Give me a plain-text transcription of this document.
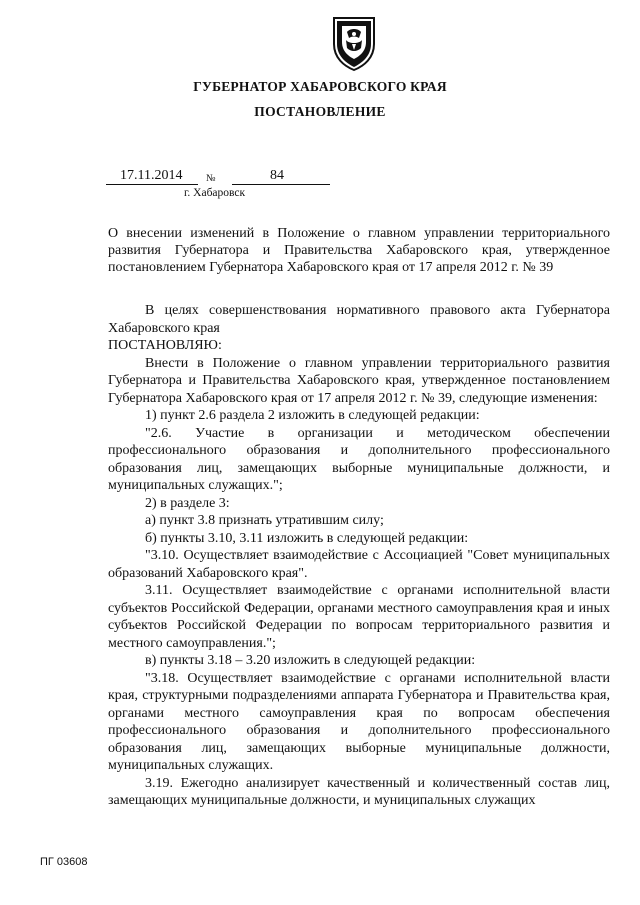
ГУБЕРНАТОР ХАБАРОВСКОГО КРАЯ
ПОСТАНОВЛЕНИЕ
17.11.2014 №	84
г. Хабаровск
О внесении изменений в Положение о главном управлении территориального развития Губернатора и Правительства Хабаровского края, утвержденное постановлением Губернатора Хабаровского края от 17 апреля 2012 г. № 39

В целях совершенствования нормативного правового акта Губернатора Хабаровского края

ПОСТАНОВЛЯЮ:

Внести в Положение о главном управлении территориального развития Губернатора и Правительства Хабаровского края, утвержденное постановлением Губернатора Хабаровского края от 17 апреля 2012 г. № 39, следующие изменения:

1) пункт 2.6 раздела 2 изложить в следующей редакции:

"2.6. Участие в организации и методическом обеспечении профессионального образования и дополнительного профессионального образования лиц, замещающих выборные муниципальные должности, и муниципальных служащих.";

2) в разделе 3:

а) пункт 3.8 признать утратившим силу;

б) пункты 3.10, 3.11 изложить в следующей редакции:

"3.10. Осуществляет взаимодействие с Ассоциацией "Совет муниципальных образований Хабаровского края".

3.11. Осуществляет взаимодействие с органами исполнительной власти субъектов Российской Федерации, органами местного самоуправления края и иных субъектов Российской Федерации по вопросам территориального развития и местного самоуправления.";

в) пункты 3.18 – 3.20 изложить в следующей редакции:

"3.18. Осуществляет взаимодействие с органами исполнительной власти края, структурными подразделениями аппарата Губернатора и Правительства края, органами местного самоуправления края по вопросам обеспечения профессионального образования и дополнительного профессионального образования лиц, замещающих выборные муниципальные должности, муниципальных служащих.

3.19. Ежегодно анализирует качественный и количественный состав лиц, замещающих муниципальные должности, и муниципальных служащих

ПГ 03608
